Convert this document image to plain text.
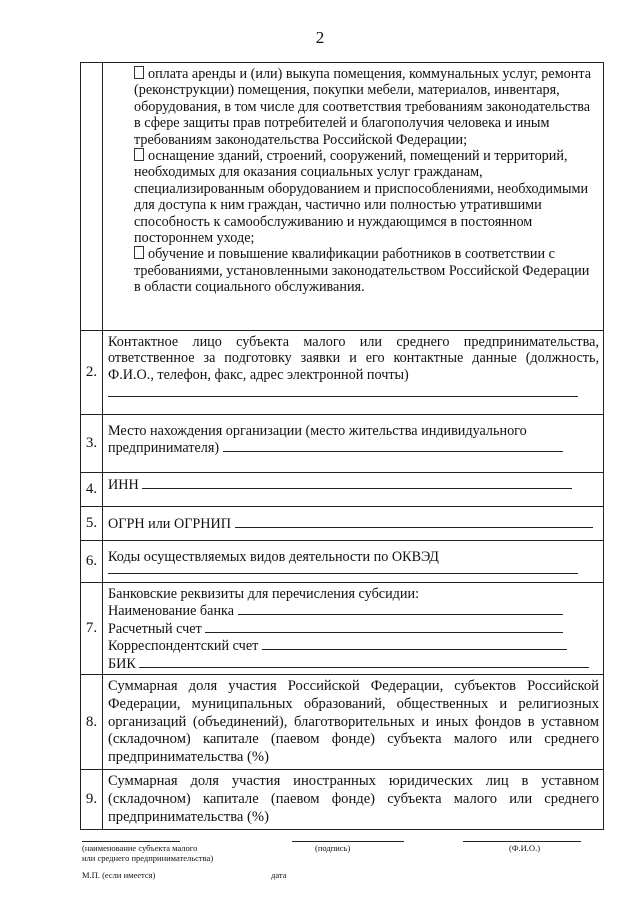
2

	оплата аренды и (или) выкупа помещения, коммунальных услуг, ремонта (реконструкции) помещения, покупки мебели, материалов, инвентаря, оборудования, в том числе для соответствия требованиям законодательства в сфере защиты прав потребителей и благополучия человека и иным требованиям законодательства Российской Федерации;
оснащение зданий, строений, сооружений, помещений и территорий, необходимых для оказания социальных услуг гражданам, специализированным оборудованием и приспособлениями, необходимыми для доступа к ним граждан, частично или полностью утратившими способность к самообслуживанию и нуждающимся в постоянном постороннем уходе;
обучение и повышение квалификации работников в соответствии с требованиями, установленными законодательством Российской Федерации в области социального обслуживания.

2.	Контактное лицо субъекта малого или среднего предпринимательства, ответственное за подготовку заявки и его контактные данные (должность, Ф.И.О., телефон, факс, адрес электронной почты)

3.	Место нахождения организации (место жительства индивидуального предпринимателя)
4.	ИНН
5.	ОГРН или ОГРНИП
6.	Коды осуществляемых видов деятельности по ОКВЭД

7.	Банковские реквизиты для перечисления субсидии:
Наименование банка
Расчетный счет
Корреспондентский счет
БИК

8.	Суммарная доля участия Российской Федерации, субъектов Российской Федерации, муниципальных образований, общественных и религиозных организаций (объединений), благотворительных и иных фондов в уставном (складочном) капитале (паевом фонде) субъекта малого или среднего предпринимательства (%)

9.	Суммарная доля участия иностранных юридических лиц в уставном (складочном) капитале (паевом фонде) субъекта малого или среднего предпринимательства (%)
(наименование субъекта малого
или среднего предпринимательства)
(подпись)	(Ф.И.О.)
М.П. (если имеется)	дата
